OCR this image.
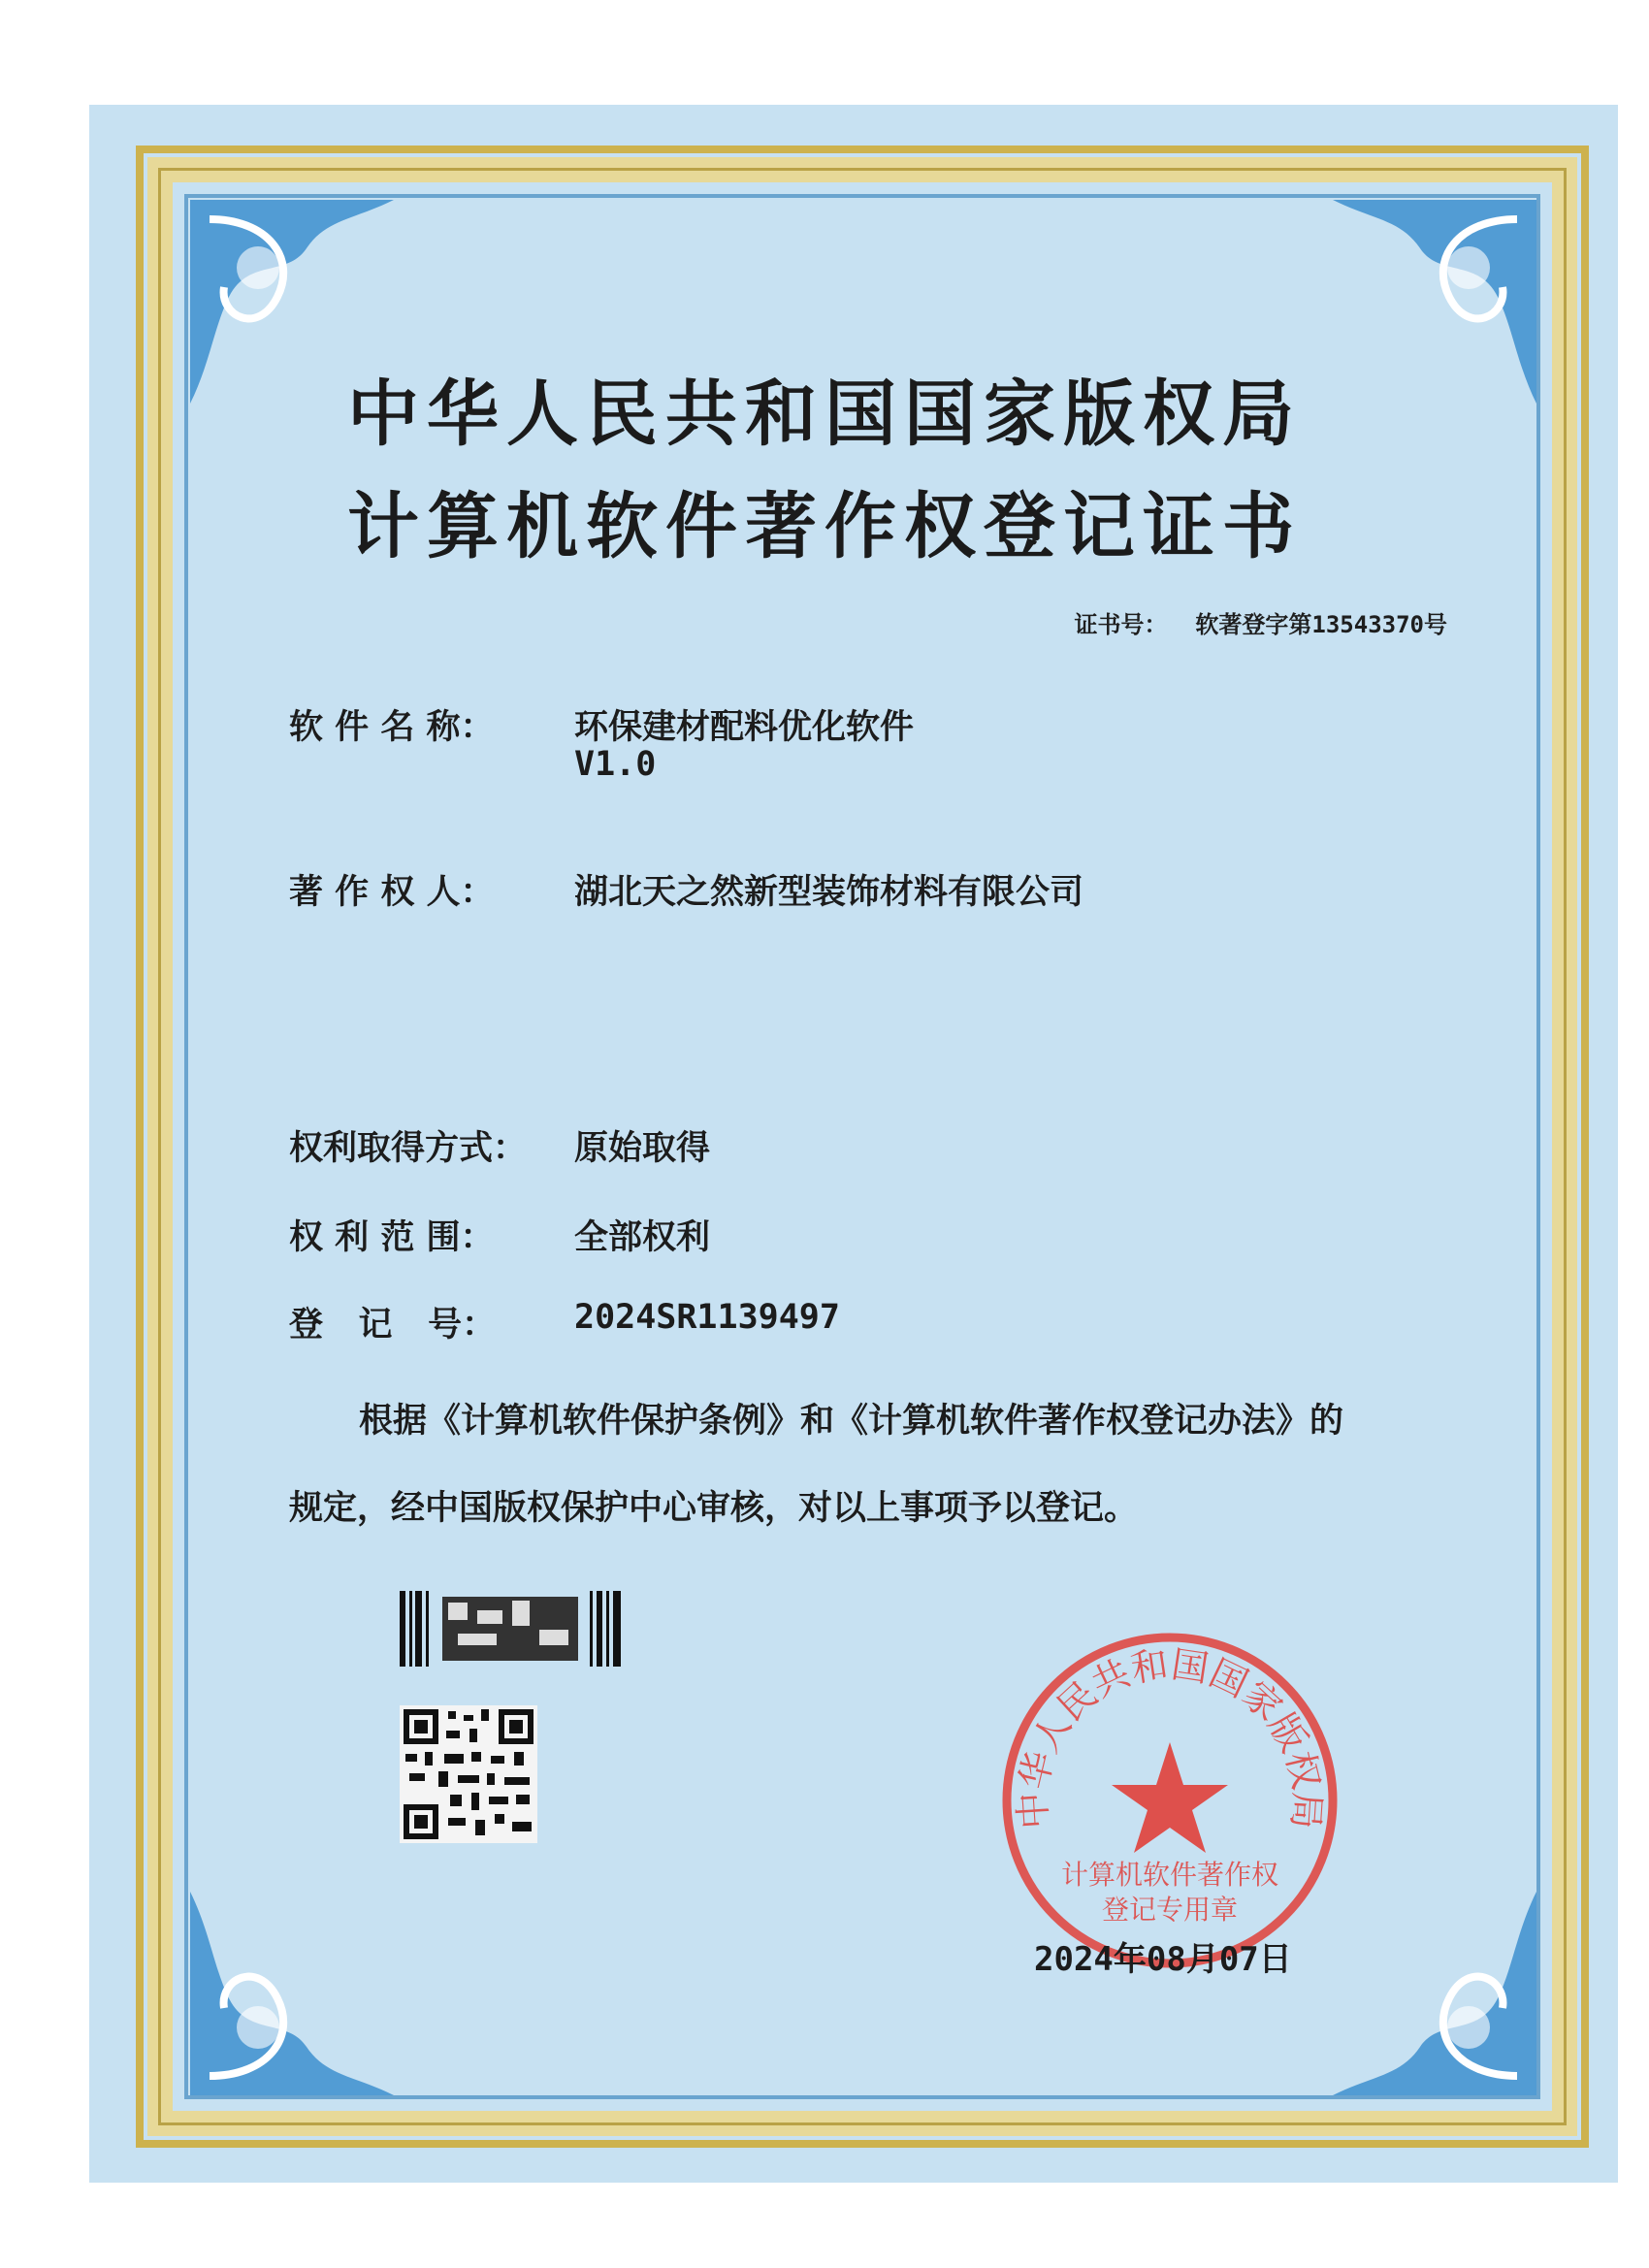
中华人民共和国国家版权局
计算机软件著作权登记证书
证书号： 软著登字第13543370号
软 件 名 称：	环保建材配料优化软件
V1.0
著 作 权 人：	湖北天之然新型装饰材料有限公司
权利取得方式：	原始取得
权 利 范 围：	全部权利
登   记   号：	2024SR1139497
根据《计算机软件保护条例》和《计算机软件著作权登记办法》的
规定，经中国版权保护中心审核，对以上事项予以登记。
中华人民共和国国家版权局
计算机软件著作权
登记专用章
2024年08月07日
